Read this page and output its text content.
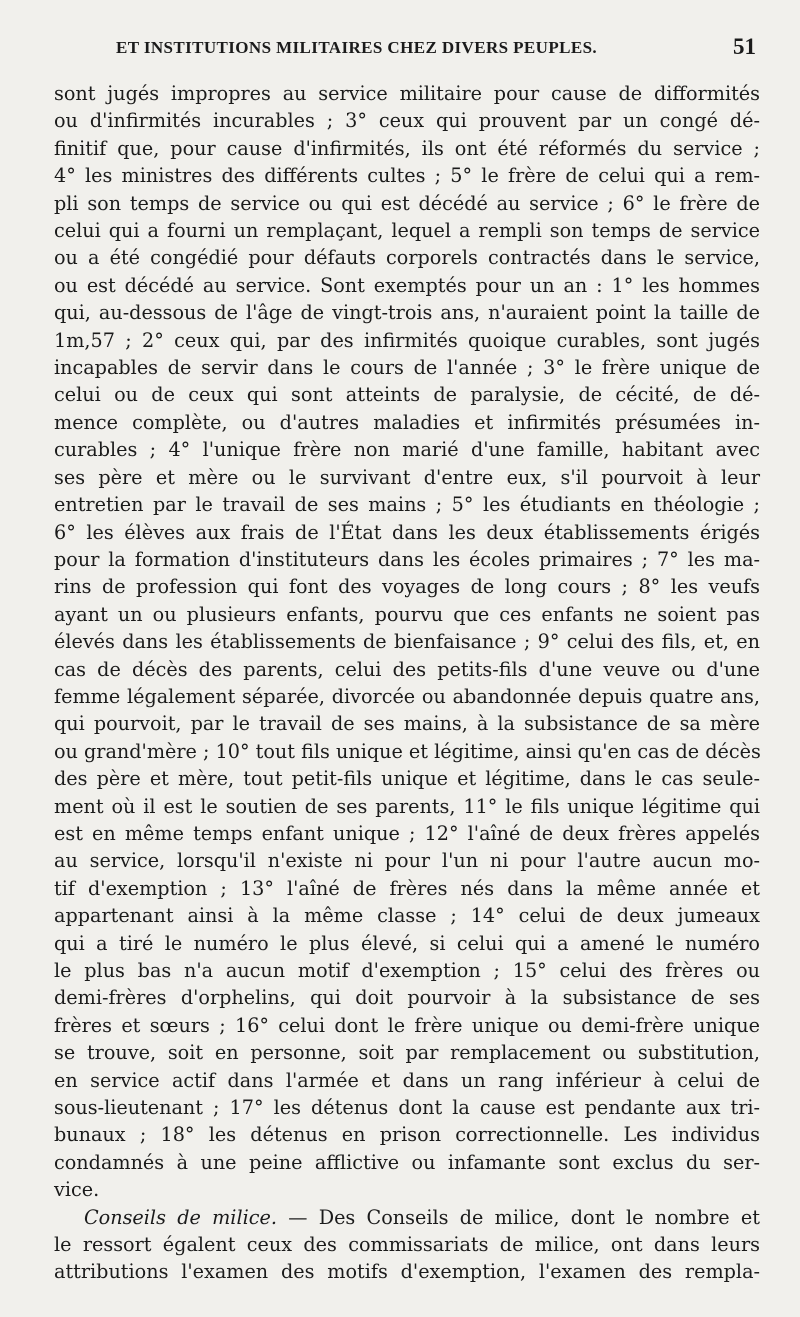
ET INSTITUTIONS MILITAIRES CHEZ DIVERS PEUPLES.	51
sont jugés impropres au service militaire pour cause de difformités
ou d'infirmités incurables ; 3° ceux qui prouvent par un congé dé-
finitif que, pour cause d'infirmités, ils ont été réformés du service ;
4° les ministres des différents cultes ; 5° le frère de celui qui a rem-
pli son temps de service ou qui est décédé au service ; 6° le frère de
celui qui a fourni un remplaçant, lequel a rempli son temps de service
ou a été congédié pour défauts corporels contractés dans le service,
ou est décédé au service. Sont exemptés pour un an : 1° les hommes
qui, au-dessous de l'âge de vingt-trois ans, n'auraient point la taille de
1m,57 ; 2° ceux qui, par des infirmités quoique curables, sont jugés
incapables de servir dans le cours de l'année ; 3° le frère unique de
celui ou de ceux qui sont atteints de paralysie, de cécité, de dé-
mence complète, ou d'autres maladies et infirmités présumées in-
curables ; 4° l'unique frère non marié d'une famille, habitant avec
ses père et mère ou le survivant d'entre eux, s'il pourvoit à leur
entretien par le travail de ses mains ; 5° les étudiants en théologie ;
6° les élèves aux frais de l'État dans les deux établissements érigés
pour la formation d'instituteurs dans les écoles primaires ; 7° les ma-
rins de profession qui font des voyages de long cours ; 8° les veufs
ayant un ou plusieurs enfants, pourvu que ces enfants ne soient pas
élevés dans les établissements de bienfaisance ; 9° celui des fils, et, en
cas de décès des parents, celui des petits-fils d'une veuve ou d'une
femme légalement séparée, divorcée ou abandonnée depuis quatre ans,
qui pourvoit, par le travail de ses mains, à la subsistance de sa mère
ou grand'mère ; 10° tout fils unique et légitime, ainsi qu'en cas de décès
des père et mère, tout petit-fils unique et légitime, dans le cas seule-
ment où il est le soutien de ses parents, 11° le fils unique légitime qui
est en même temps enfant unique ; 12° l'aîné de deux frères appelés
au service, lorsqu'il n'existe ni pour l'un ni pour l'autre aucun mo-
tif d'exemption ; 13° l'aîné de frères nés dans la même année et
appartenant ainsi à la même classe ; 14° celui de deux jumeaux
qui a tiré le numéro le plus élevé, si celui qui a amené le numéro
le plus bas n'a aucun motif d'exemption ; 15° celui des frères ou
demi-frères d'orphelins, qui doit pourvoir à la subsistance de ses
frères et sœurs ; 16° celui dont le frère unique ou demi-frère unique
se trouve, soit en personne, soit par remplacement ou substitution,
en service actif dans l'armée et dans un rang inférieur à celui de
sous-lieutenant ; 17° les détenus dont la cause est pendante aux tri-
bunaux ; 18° les détenus en prison correctionnelle. Les individus
condamnés à une peine afflictive ou infamante sont exclus du ser-
vice.
Conseils de milice. — Des Conseils de milice, dont le nombre et
le ressort égalent ceux des commissariats de milice, ont dans leurs
attributions l'examen des motifs d'exemption, l'examen des rempla-
